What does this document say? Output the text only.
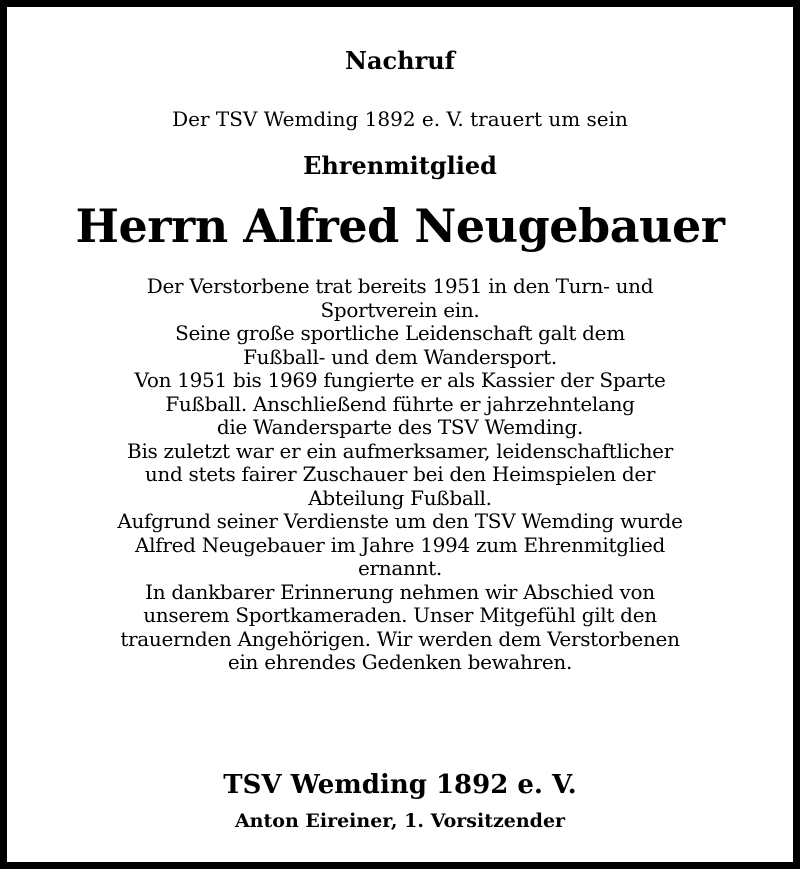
Nachruf
Der TSV Wemding 1892 e. V. trauert um sein
Ehrenmitglied
Herrn Alfred Neugebauer
Der Verstorbene trat bereits 1951 in den Turn- und
Sportverein ein.
Seine große sportliche Leidenschaft galt dem
Fußball- und dem Wandersport.
Von 1951 bis 1969 fungierte er als Kassier der Sparte
Fußball. Anschließend führte er jahrzehntelang
die Wandersparte des TSV Wemding.
Bis zuletzt war er ein aufmerksamer, leidenschaftlicher
und stets fairer Zuschauer bei den Heimspielen der
Abteilung Fußball.
Aufgrund seiner Verdienste um den TSV Wemding wurde
Alfred Neugebauer im Jahre 1994 zum Ehrenmitglied
ernannt.
In dankbarer Erinnerung nehmen wir Abschied von
unserem Sportkameraden. Unser Mitgefühl gilt den
trauernden Angehörigen. Wir werden dem Verstorbenen
ein ehrendes Gedenken bewahren.
TSV Wemding 1892 e. V.
Anton Eireiner, 1. Vorsitzender
